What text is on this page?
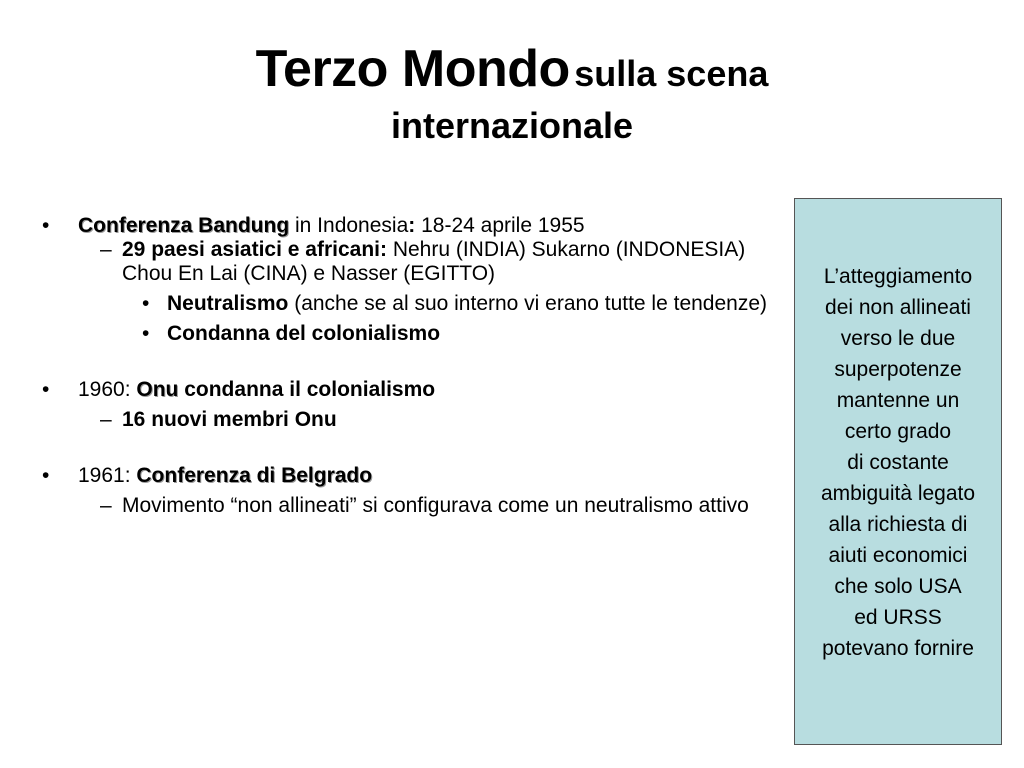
Terzo Mondo sulla scena
internazionale
• Conferenza Bandung in Indonesia: 18-24 aprile 1955
– 29 paesi asiatici e africani: Nehru (INDIA) Sukarno (INDONESIA) Chou En Lai (CINA) e Nasser (EGITTO)
• Neutralismo (anche se al suo interno vi erano tutte le tendenze)
• Condanna del colonialismo
• 1960: Onu condanna il colonialismo
– 16 nuovi membri Onu
• 1961: Conferenza di Belgrado
– Movimento “non allineati” si configurava come un neutralismo attivo
L’atteggiamento
dei non allineati
verso le due
superpotenze
mantenne un
certo grado
di costante
ambiguità legato
alla richiesta di
aiuti economici
che solo USA
ed URSS
potevano fornire
